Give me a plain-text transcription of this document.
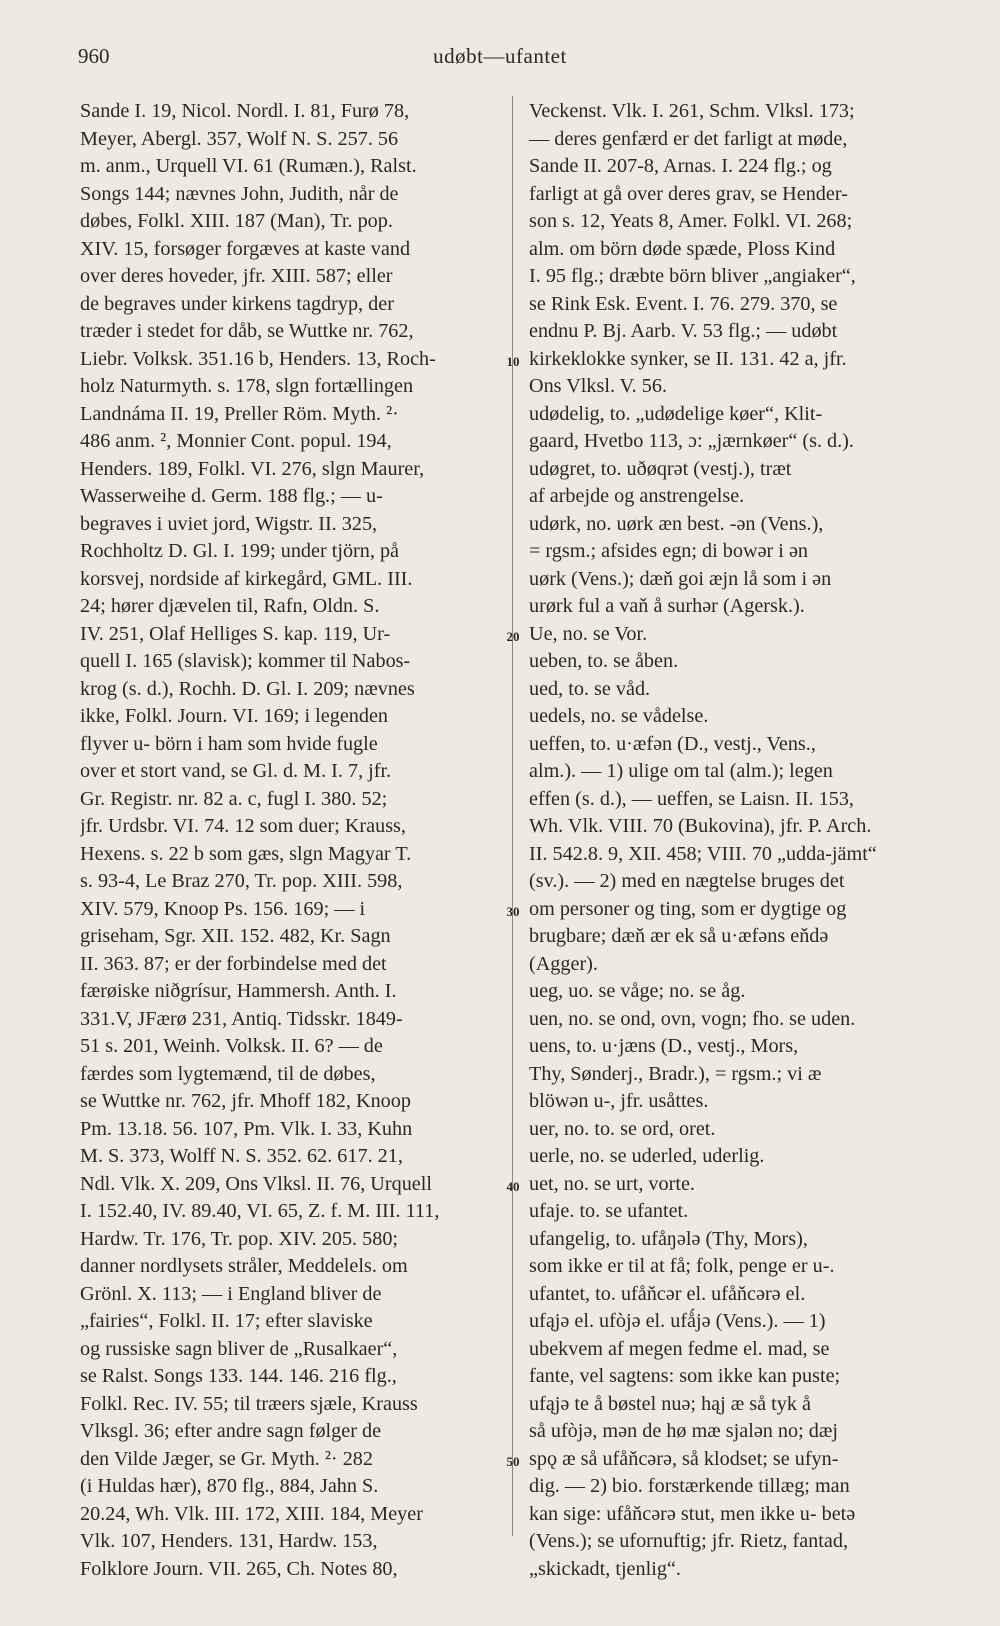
960	udøbt—ufantet
Sande I. 19, Nicol. Nordl. I. 81, Furø 78,
Meyer, Abergl. 357, Wolf N. S. 257. 56
m. anm., Urquell VI. 61 (Rumæn.), Ralst.
Songs 144; nævnes John, Judith, når de
døbes, Folkl. XIII. 187 (Man), Tr. pop.
XIV. 15, forsøger forgæves at kaste vand
over deres hoveder, jfr. XIII. 587; eller
de begraves under kirkens tagdryp, der
træder i stedet for dåb, se Wuttke nr. 762,
Liebr. Volksk. 351.16 b, Henders. 13, Roch-
holz Naturmyth. s. 178, slgn fortællingen
Landnáma II. 19, Preller Röm. Myth. ²·
486 anm. ², Monnier Cont. popul. 194,
Henders. 189, Folkl. VI. 276, slgn Maurer,
Wasserweihe d. Germ. 188 flg.; — u-
begraves i uviet jord, Wigstr. II. 325,
Rochholtz D. Gl. I. 199; under tjörn, på
korsvej, nordside af kirkegård, GML. III.
24; hører djævelen til, Rafn, Oldn. S.
IV. 251, Olaf Helliges S. kap. 119, Ur-
quell I. 165 (slavisk); kommer til Nabos-
krog (s. d.), Rochh. D. Gl. I. 209; nævnes
ikke, Folkl. Journ. VI. 169; i legenden
flyver u- börn i ham som hvide fugle
over et stort vand, se Gl. d. M. I. 7, jfr.
Gr. Registr. nr. 82 a. c, fugl I. 380. 52;
jfr. Urdsbr. VI. 74. 12 som duer; Krauss,
Hexens. s. 22 b som gæs, slgn Magyar T.
s. 93-4, Le Braz 270, Tr. pop. XIII. 598,
XIV. 579, Knoop Ps. 156. 169; — i
griseham, Sgr. XII. 152. 482, Kr. Sagn
II. 363. 87; er der forbindelse med det
færøiske niðgrísur, Hammersh. Anth. I.
331.V, JFærø 231, Antiq. Tidsskr. 1849-
51 s. 201, Weinh. Volksk. II. 6? — de
færdes som lygtemænd, til de døbes,
se Wuttke nr. 762, jfr. Mhoff 182, Knoop
Pm. 13.18. 56. 107, Pm. Vlk. I. 33, Kuhn
M. S. 373, Wolff N. S. 352. 62. 617. 21,
Ndl. Vlk. X. 209, Ons Vlksl. II. 76, Urquell
I. 152.40, IV. 89.40, VI. 65, Z. f. M. III. 111,
Hardw. Tr. 176, Tr. pop. XIV. 205. 580;
danner nordlysets stråler, Meddelels. om
Grönl. X. 113; — i England bliver de
„fairies“, Folkl. II. 17; efter slaviske
og russiske sagn bliver de „Rusalkaer“,
se Ralst. Songs 133. 144. 146. 216 flg.,
Folkl. Rec. IV. 55; til træers sjæle, Krauss
Vlksgl. 36; efter andre sagn følger de
den Vilde Jæger, se Gr. Myth. ²· 282
(i Huldas hær), 870 flg., 884, Jahn S.
20.24, Wh. Vlk. III. 172, XIII. 184, Meyer
Vlk. 107, Henders. 131, Hardw. 153,
Folklore Journ. VII. 265, Ch. Notes 80,
Veckenst. Vlk. I. 261, Schm. Vlksl. 173;
— deres genfærd er det farligt at møde,
Sande II. 207-8, Arnas. I. 224 flg.; og
farligt at gå over deres grav, se Hender-
son s. 12, Yeats 8, Amer. Folkl. VI. 268;
alm. om börn døde spæde, Ploss Kind
I. 95 flg.; dræbte börn bliver „angiaker“,
se Rink Esk. Event. I. 76. 279. 370, se
endnu P. Bj. Aarb. V. 53 flg.; — udøbt
kirkeklokke synker, se II. 131. 42 a, jfr.
Ons Vlksl. V. 56.
udødelig, to. „udødelige køer“, Klit-
gaard, Hvetbo 113, ɔ: „jærnkøer“ (s. d.).
udøgret, to. uðøqrət (vestj.), træt
af arbejde og anstrengelse.
udørk, no. uørk æn best. -ən (Vens.),
= rgsm.; afsides egn; di bowər i ən
uørk (Vens.); dæň goi æjn lå som i ən
urørk ful a vaň å surhər (Agersk.).
Ue, no. se Vor.
ueben, to. se åben.
ued, to. se våd.
uedels, no. se vådelse.
ueffen, to. u·æfən (D., vestj., Vens.,
alm.). — 1) ulige om tal (alm.); legen
effen (s. d.), — ueffen, se Laisn. II. 153,
Wh. Vlk. VIII. 70 (Bukovina), jfr. P. Arch.
II. 542.8. 9, XII. 458; VIII. 70 „udda-jämt“
(sv.). — 2) med en nægtelse bruges det
om personer og ting, som er dygtige og
brugbare; dæň ær ek så u·æfəns eňdə
(Agger).
ueg, uo. se våge; no. se åg.
uen, no. se ond, ovn, vogn; fho. se uden.
uens, to. u·jæns (D., vestj., Mors,
Thy, Sønderj., Bradr.), = rgsm.; vi æ
blöwən u-, jfr. usåttes.
uer, no. to. se ord, oret.
uerle, no. se uderled, uderlig.
uet, no. se urt, vorte.
ufaje. to. se ufantet.
ufangelig, to. ufåŋələ (Thy, Mors),
som ikke er til at få; folk, penge er u-.
ufantet, to. ufåňcər el. ufåňcərə el.
ufąjə el. ufòjə el. ufǻjə (Vens.). — 1)
ubekvem af megen fedme el. mad, se
fante, vel sagtens: som ikke kan puste;
ufąjə te å bøstel nuə; hąj æ så tyk å
så ufòjə, mən de hø mæ sjalən no; dæj
spǫ æ så ufåňcərə, så klodset; se ufyn-
dig. — 2) bio. forstærkende tillæg; man
kan sige: ufåňcərə stut, men ikke u- betə
(Vens.); se ufornuftig; jfr. Rietz, fantad,
„skickadt, tjenlig“.
10
20
30
40
50
